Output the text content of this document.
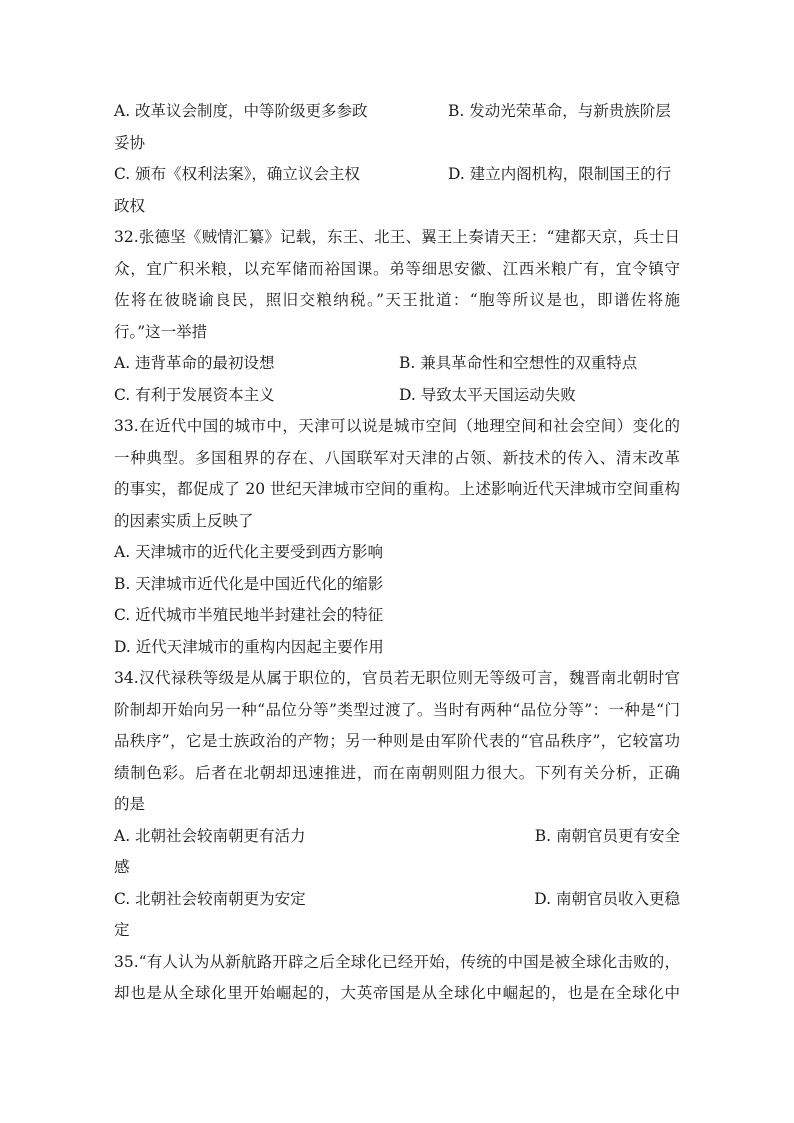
A. 改革议会制度，中等阶级更多参政	B. 发动光荣革命，与新贵族阶层
妥协
C. 颁布《权利法案》，确立议会主权	D. 建立内阁机构，限制国王的行
政权
32.张德坚《贼情汇纂》记载，东王、北王、翼王上奏请天王：“建都天京，兵士日
众，宜广积米粮，以充军储而裕国课。弟等细思安徽、江西米粮广有，宜令镇守
佐将在彼晓谕良民，照旧交粮纳税。”天王批道：“胞等所议是也，即谱佐将施
行。”这一举措
A. 违背革命的最初设想	B. 兼具革命性和空想性的双重特点
C. 有利于发展资本主义	D. 导致太平天国运动失败
33.在近代中国的城市中，天津可以说是城市空间（地理空间和社会空间）变化的
一种典型。多国租界的存在、八国联军对天津的占领、新技术的传入、清末改革
的事实，都促成了 20 世纪天津城市空间的重构。上述影响近代天津城市空间重构
的因素实质上反映了
A. 天津城市的近代化主要受到西方影响
B. 天津城市近代化是中国近代化的缩影
C. 近代城市半殖民地半封建社会的特征
D. 近代天津城市的重构内因起主要作用
34.汉代禄秩等级是从属于职位的，官员若无职位则无等级可言，魏晋南北朝时官
阶制却开始向另一种“品位分等”类型过渡了。当时有两种“品位分等”：一种是“门
品秩序”，它是士族政治的产物；另一种则是由军阶代表的“官品秩序”，它较富功
绩制色彩。后者在北朝却迅速推进，而在南朝则阻力很大。下列有关分析，正确
的是
A. 北朝社会较南朝更有活力	B. 南朝官员更有安全
感
C. 北朝社会较南朝更为安定	D. 南朝官员收入更稳
定
35.“有人认为从新航路开辟之后全球化已经开始，传统的中国是被全球化击败的，
却也是从全球化里开始崛起的，大英帝国是从全球化中崛起的，也是在全球化中
